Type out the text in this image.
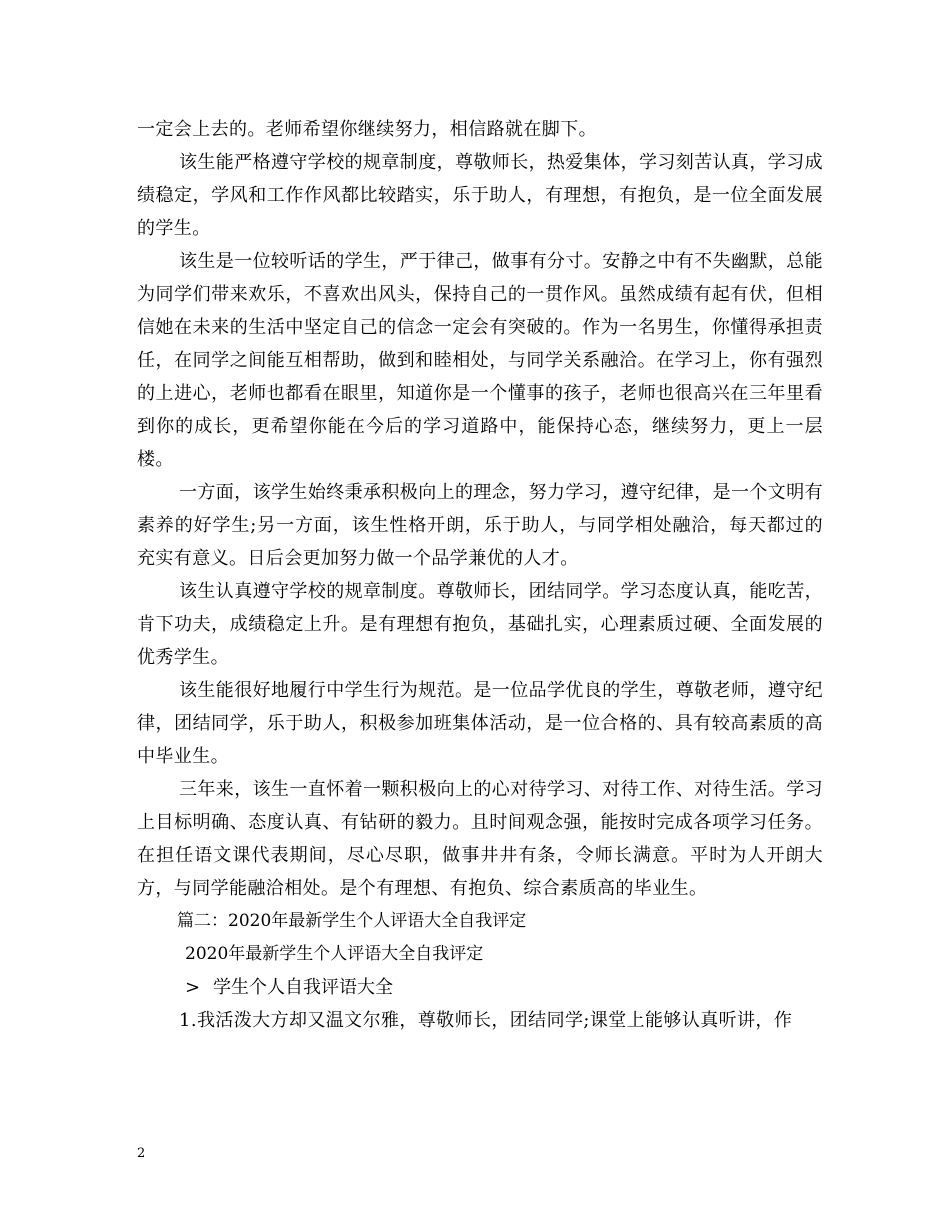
一定会上去的。老师希望你继续努力，相信路就在脚下。

该生能严格遵守学校的规章制度，尊敬师长，热爱集体，学习刻苦认真，学习成绩稳定，学风和工作作风都比较踏实，乐于助人，有理想，有抱负，是一位全面发展的学生。

该生是一位较听话的学生，严于律己，做事有分寸。安静之中有不失幽默，总能为同学们带来欢乐，不喜欢出风头，保持自己的一贯作风。虽然成绩有起有伏，但相信她在未来的生活中坚定自己的信念一定会有突破的。作为一名男生，你懂得承担责任，在同学之间能互相帮助，做到和睦相处，与同学关系融洽。在学习上，你有强烈的上进心，老师也都看在眼里，知道你是一个懂事的孩子，老师也很高兴在三年里看到你的成长，更希望你能在今后的学习道路中，能保持心态，继续努力，更上一层楼。

一方面，该学生始终秉承积极向上的理念，努力学习，遵守纪律，是一个文明有素养的好学生;另一方面，该生性格开朗，乐于助人，与同学相处融洽，每天都过的充实有意义。日后会更加努力做一个品学兼优的人才。

该生认真遵守学校的规章制度。尊敬师长，团结同学。学习态度认真，能吃苦，肯下功夫，成绩稳定上升。是有理想有抱负，基础扎实，心理素质过硬、全面发展的优秀学生。

该生能很好地履行中学生行为规范。是一位品学优良的学生，尊敬老师，遵守纪律，团结同学，乐于助人，积极参加班集体活动，是一位合格的、具有较高素质的高中毕业生。

三年来，该生一直怀着一颗积极向上的心对待学习、对待工作、对待生活。学习上目标明确、态度认真、有钻研的毅力。且时间观念强，能按时完成各项学习任务。在担任语文课代表期间，尽心尽职，做事井井有条，令师长满意。平时为人开朗大方，与同学能融洽相处。是个有理想、有抱负、综合素质高的毕业生。

篇二：2020年最新学生个人评语大全自我评定

2020年最新学生个人评语大全自我评定

> 学生个人自我评语大全

1.我活泼大方却又温文尔雅，尊敬师长，团结同学;课堂上能够认真听讲，作

2
